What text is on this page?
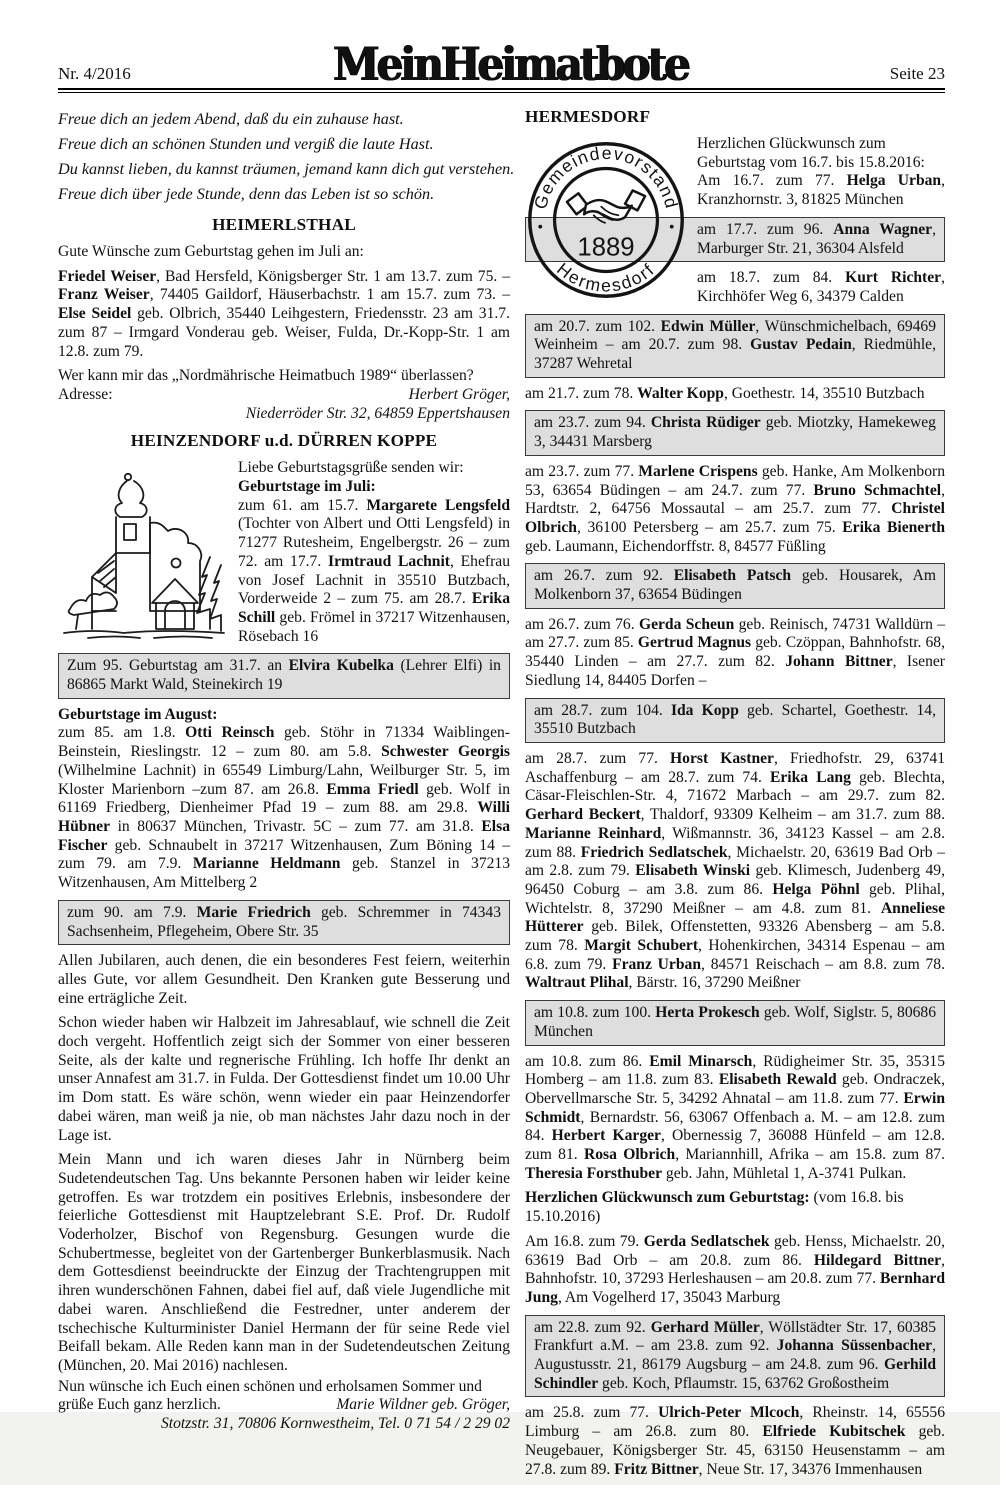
Nr. 4/2016	MeinHeimatbote	Seite 23
Freue dich an jedem Abend, daß du ein zuhause hast.
Freue dich an schönen Stunden und vergiß die laute Hast.
Du kannst lieben, du kannst träumen, jemand kann dich gut verstehen.
Freue dich über jede Stunde, denn das Leben ist so schön.
HEIMERLSTHAL

Gute Wünsche zum Geburtstag gehen im Juli an:

Friedel Weiser, Bad Hersfeld, Königsberger Str. 1 am 13.7. zum 75. – Franz Weiser, 74405 Gaildorf, Häuserbachstr. 1 am 15.7. zum 73. – Else Seidel geb. Olbrich, 35440 Leihgestern, Friedensstr. 23 am 31.7. zum 87 – Irmgard Vonderau geb. Weiser, Fulda, Dr.-Kopp-Str. 1 am 12.8. zum 79.

Wer kann mir das „Nordmährische Heimatbuch 1989“ überlassen?

Adresse:	Herbert Gröger,
Niederröder Str. 32, 64859 Eppertshausen
HEINZENDORF u.d. DÜRREN KOPPE

Liebe Geburtstagsgrüße senden wir:

Geburtstage im Juli:

zum 61. am 15.7. Margarete Lengsfeld (Tochter von Albert und Otti Lengsfeld) in 71277 Rutesheim, Engelbergstr. 26 – zum 72. am 17.7. Irmtraud Lachnit, Ehefrau von Josef Lachnit in 35510 Butzbach, Vorderweide 2 – zum 75. am 28.7. Erika Schill geb. Frömel in 37217 Witzenhausen, Rösebach 16

Zum 95. Geburtstag am 31.7. an Elvira Kubelka (Lehrer Elfi) in 86865 Markt Wald, Steinekirch 19
Geburtstage im August:

zum 85. am 1.8. Otti Reinsch geb. Stöhr in 71334 Waiblingen-Beinstein, Rieslingstr. 12 – zum 80. am 5.8. Schwester Georgis (Wilhelmine Lachnit) in 65549 Limburg/Lahn, Weilburger Str. 5, im Kloster Marienborn –zum 87. am 26.8. Emma Friedl geb. Wolf in 61169 Friedberg, Dienheimer Pfad 19 – zum 88. am 29.8. Willi Hübner in 80637 München, Trivastr. 5C – zum 77. am 31.8. Elsa Fischer geb. Schnaubelt in 37217 Witzenhausen, Zum Böning 14 – zum 79. am 7.9. Marianne Heldmann geb. Stanzel in 37213 Witzenhausen, Am Mittelberg 2

zum 90. am 7.9. Marie Friedrich geb. Schremmer in 74343 Sachsenheim, Pflegeheim, Obere Str. 35

Allen Jubilaren, auch denen, die ein besonderes Fest feiern, weiterhin alles Gute, vor allem Gesundheit. Den Kranken gute Besserung und eine erträgliche Zeit.

Schon wieder haben wir Halbzeit im Jahresablauf, wie schnell die Zeit doch vergeht. Hoffentlich zeigt sich der Sommer von einer besseren Seite, als der kalte und regnerische Frühling. Ich hoffe Ihr denkt an unser Annafest am 31.7. in Fulda. Der Gottesdienst findet um 10.00 Uhr im Dom statt. Es wäre schön, wenn wieder ein paar Heinzendorfer dabei wären, man weiß ja nie, ob man nächstes Jahr dazu noch in der Lage ist.

Mein Mann und ich waren dieses Jahr in Nürnberg beim Sudetendeutschen Tag. Uns bekannte Personen haben wir leider keine getroffen. Es war trotzdem ein positives Erlebnis, insbesondere der feierliche Gottesdienst mit Hauptzelebrant S.E. Prof. Dr. Rudolf Voderholzer, Bischof von Regensburg. Gesungen wurde die Schubertmesse, begleitet von der Gartenberger Bunkerblasmusik. Nach dem Gottesdienst beeindruckte der Einzug der Trachtengruppen mit ihren wunderschönen Fahnen, dabei fiel auf, daß viele Jugendliche mit dabei waren. Anschließend die Festredner, unter anderem der tschechische Kulturminister Daniel Hermann der für seine Rede viel Beifall bekam. Alle Reden kann man in der Sudetendeutschen Zeitung (München, 20. Mai 2016) nachlesen.

Nun wünsche ich Euch einen schönen und erholsamen Sommer und
grüße Euch ganz herzlich.	Marie Wildner geb. Gröger,
Stotzstr. 31, 70806 Kornwestheim, Tel. 0 71 54 / 2 29 02
HERMESDORF
Gemeindevorstand
Hermesdorf
1889

Herzlichen Glückwunsch zum Geburtstag vom 16.7. bis 15.8.2016:

Am 16.7. zum 77. Helga Urban, Kranzhornstr. 3, 81825 München

am 17.7. zum 96. Anna Wagner, Marburger Str. 21, 36304 Alsfeld

am 18.7. zum 84. Kurt Richter, Kirchhöfer Weg 6, 34379 Calden

am 20.7. zum 102. Edwin Müller, Wünschmichelbach, 69469 Weinheim – am 20.7. zum 98. Gustav Pedain, Riedmühle, 37287 Wehretal

am 21.7. zum 78. Walter Kopp, Goethestr. 14, 35510 Butzbach

am 23.7. zum 94. Christa Rüdiger geb. Miotzky, Hamekeweg 3, 34431 Marsberg

am 23.7. zum 77. Marlene Crispens geb. Hanke, Am Molkenborn 53, 63654 Büdingen – am 24.7. zum 77. Bruno Schmachtel, Hardtstr. 2, 64756 Mossautal – am 25.7. zum 77. Christel Olbrich, 36100 Petersberg – am 25.7. zum 75. Erika Bienerth geb. Laumann, Eichendorffstr. 8, 84577 Füßling

am 26.7. zum 92. Elisabeth Patsch geb. Housarek, Am Molkenborn 37, 63654 Büdingen

am 26.7. zum 76. Gerda Scheun geb. Reinisch, 74731 Walldürn – am 27.7. zum 85. Gertrud Magnus geb. Czöppan, Bahnhofstr. 68, 35440 Linden – am 27.7. zum 82. Johann Bittner, Isener Siedlung 14, 84405 Dorfen –

am 28.7. zum 104. Ida Kopp geb. Schartel, Goethestr. 14, 35510 Butzbach

am 28.7. zum 77. Horst Kastner, Friedhofstr. 29, 63741 Aschaffenburg – am 28.7. zum 74. Erika Lang geb. Blechta, Cäsar-Fleischlen-Str. 4, 71672 Marbach – am 29.7. zum 82. Gerhard Beckert, Thaldorf, 93309 Kelheim – am 31.7. zum 88. Marianne Reinhard, Wißmannstr. 36, 34123 Kassel – am 2.8. zum 88. Friedrich Sedlatschek, Michaelstr. 20, 63619 Bad Orb – am 2.8. zum 79. Elisabeth Winski geb. Klimesch, Judenberg 49, 96450 Coburg – am 3.8. zum 86. Helga Pöhnl geb. Plihal, Wichtelstr. 8, 37290 Meißner – am 4.8. zum 81. Anneliese Hütterer geb. Bilek, Offenstetten, 93326 Abensberg – am 5.8. zum 78. Margit Schubert, Hohenkirchen, 34314 Espenau – am 6.8. zum 79. Franz Urban, 84571 Reischach – am 8.8. zum 78. Waltraut Plihal, Bärstr. 16, 37290 Meißner

am 10.8. zum 100. Herta Prokesch geb. Wolf, Siglstr. 5, 80686 München

am 10.8. zum 86. Emil Minarsch, Rüdigheimer Str. 35, 35315 Homberg – am 11.8. zum 83. Elisabeth Rewald geb. Ondraczek, Obervellmarsche Str. 5, 34292 Ahnatal – am 11.8. zum 77. Erwin Schmidt, Bernardstr. 56, 63067 Offenbach a. M. – am 12.8. zum 84. Herbert Karger, Obernessig 7, 36088 Hünfeld – am 12.8. zum 81. Rosa Olbrich, Mariannhill, Afrika – am 15.8. zum 87. Theresia Forsthuber geb. Jahn, Mühletal 1, A-3741 Pulkan.

Herzlichen Glückwunsch zum Geburtstag: (vom 16.8. bis 15.10.2016)

Am 16.8. zum 79. Gerda Sedlatschek geb. Henss, Michaelstr. 20, 63619 Bad Orb – am 20.8. zum 86. Hildegard Bittner, Bahnhofstr. 10, 37293 Herleshausen – am 20.8. zum 77. Bernhard Jung, Am Vogelherd 17, 35043 Marburg

am 22.8. zum 92. Gerhard Müller, Wöllstädter Str. 17, 60385 Frankfurt a.M. – am 23.8. zum 92. Johanna Süssenbacher, Augustusstr. 21, 86179 Augsburg – am 24.8. zum 96. Gerhild Schindler geb. Koch, Pflaumstr. 15, 63762 Großostheim

am 25.8. zum 77. Ulrich-Peter Mlcoch, Rheinstr. 14, 65556 Limburg – am 26.8. zum 80. Elfriede Kubitschek geb. Neugebauer, Königsberger Str. 45, 63150 Heusenstamm – am 27.8. zum 89. Fritz Bittner, Neue Str. 17, 34376 Immenhausen
